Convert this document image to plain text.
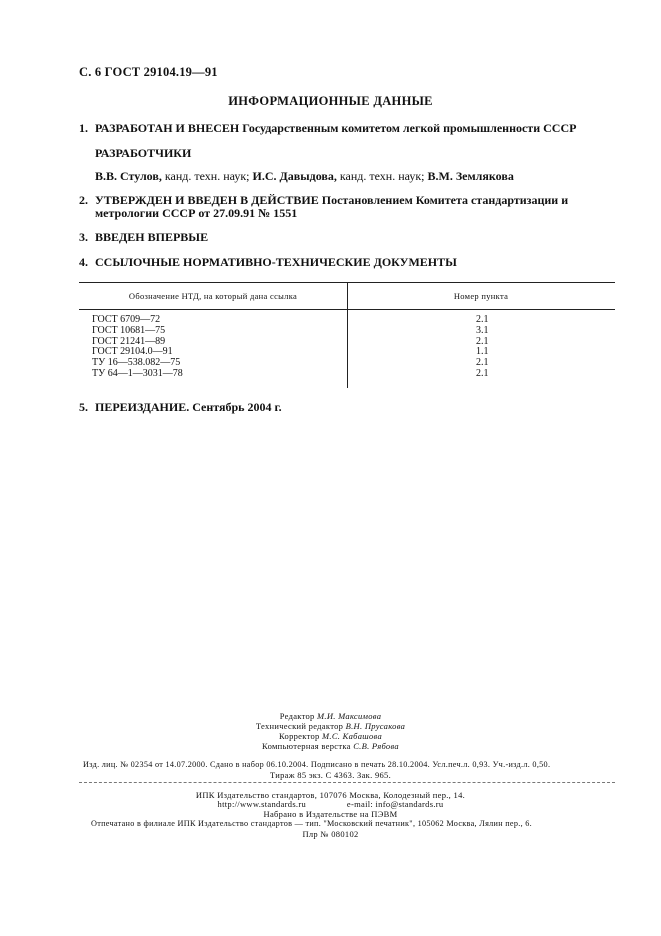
С. 6 ГОСТ 29104.19—91
ИНФОРМАЦИОННЫЕ ДАННЫЕ
1. РАЗРАБОТАН И ВНЕСЕН Государственным комитетом легкой промышленности СССР
РАЗРАБОТЧИКИ
В.В. Стулов, канд. техн. наук; И.С. Давыдова, канд. техн. наук; В.М. Землякова
2. УТВЕРЖДЕН И ВВЕДЕН В ДЕЙСТВИЕ Постановлением Комитета стандартизации и метрологии СССР от 27.09.91 № 1551
3. ВВЕДЕН ВПЕРВЫЕ
4. ССЫЛОЧНЫЕ НОРМАТИВНО-ТЕХНИЧЕСКИЕ ДОКУМЕНТЫ
Обозначение НТД, на который дана ссылка	Номер пункта
ГОСТ 6709—72	2.1
ГОСТ 10681—75	3.1
ГОСТ 21241—89	2.1
ГОСТ 29104.0—91	1.1
ТУ 16—538.082—75	2.1
ТУ 64—1—3031—78	2.1
5. ПЕРЕИЗДАНИЕ. Сентябрь 2004 г.
Редактор М.И. Максимова
Технический редактор В.Н. Прусакова
Корректор М.С. Кабашова
Компьютерная верстка С.В. Рябова
Изд. лиц. № 02354 от 14.07.2000. Сдано в набор 06.10.2004. Подписано в печать 28.10.2004. Усл.печ.л. 0,93. Уч.-изд.л. 0,50.
Тираж 85 экз. С 4363. Зак. 965.
ИПК Издательство стандартов, 107076 Москва, Колодезный пер., 14.
http://www.standards.ru	e-mail: info@standards.ru
Набрано в Издательстве на ПЭВМ
Отпечатано в филиале ИПК Издательство стандартов — тип. "Московский печатник", 105062 Москва, Лялин пер., 6.
Плр № 080102
